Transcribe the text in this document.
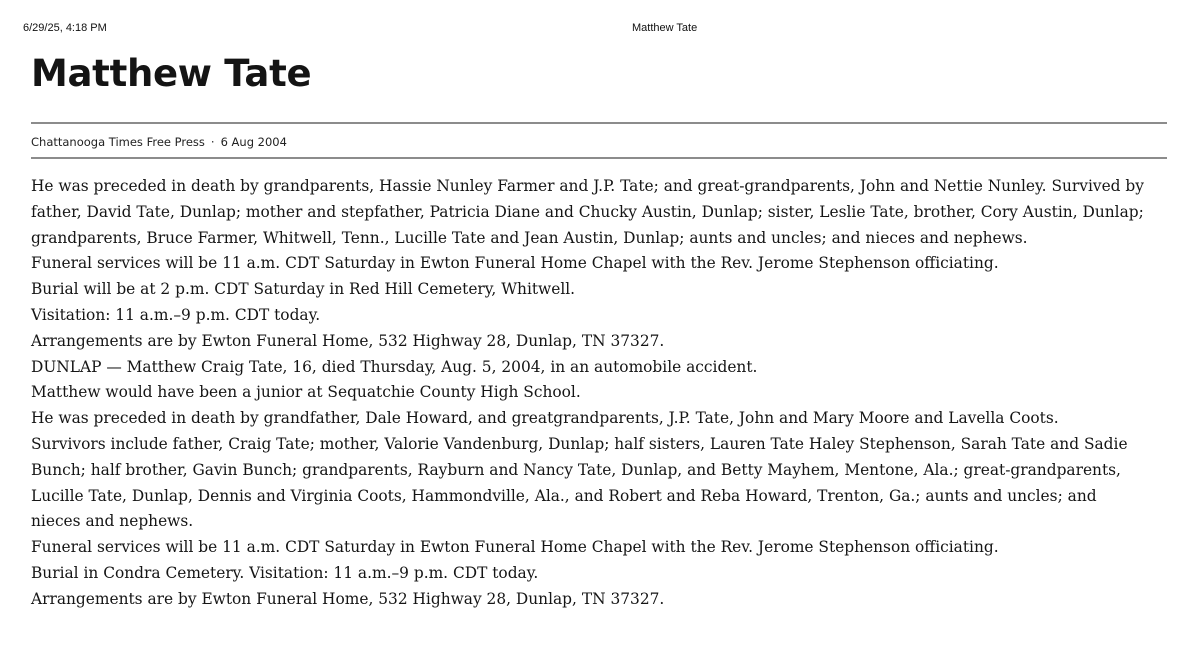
6/29/25, 4:18 PM	Matthew Tate
Matthew Tate
Chattanooga Times Free Press · 6 Aug 2004

He was preceded in death by grandparents, Hassie Nunley Farmer and J.P. Tate; and great-grandparents, John and Nettie Nunley. Survived by father, David Tate, Dunlap; mother and stepfather, Patricia Diane and Chucky Austin, Dunlap; sister, Leslie Tate, brother, Cory Austin, Dunlap; grandparents, Bruce Farmer, Whitwell, Tenn., Lucille Tate and Jean Austin, Dunlap; aunts and uncles; and nieces and nephews.

Funeral services will be 11 a.m. CDT Saturday in Ewton Funeral Home Chapel with the Rev. Jerome Stephenson officiating.

Burial will be at 2 p.m. CDT Saturday in Red Hill Cemetery, Whitwell.

Visitation: 11 a.m.–9 p.m. CDT today.

Arrangements are by Ewton Funeral Home, 532 Highway 28, Dunlap, TN 37327.

DUNLAP — Matthew Craig Tate, 16, died Thursday, Aug. 5, 2004, in an automobile accident.

Matthew would have been a junior at Sequatchie County High School.

He was preceded in death by grandfather, Dale Howard, and greatgrandparents, J.P. Tate, John and Mary Moore and Lavella Coots.

Survivors include father, Craig Tate; mother, Valorie Vandenburg, Dunlap; half sisters, Lauren Tate Haley Stephenson, Sarah Tate and Sadie Bunch; half brother, Gavin Bunch; grandparents, Rayburn and Nancy Tate, Dunlap, and Betty Mayhem, Mentone, Ala.; great-grandparents, Lucille Tate, Dunlap, Dennis and Virginia Coots, Hammondville, Ala., and Robert and Reba Howard, Trenton, Ga.; aunts and uncles; and nieces and nephews.

Funeral services will be 11 a.m. CDT Saturday in Ewton Funeral Home Chapel with the Rev. Jerome Stephenson officiating.

Burial in Condra Cemetery. Visitation: 11 a.m.–9 p.m. CDT today.

Arrangements are by Ewton Funeral Home, 532 Highway 28, Dunlap, TN 37327.
